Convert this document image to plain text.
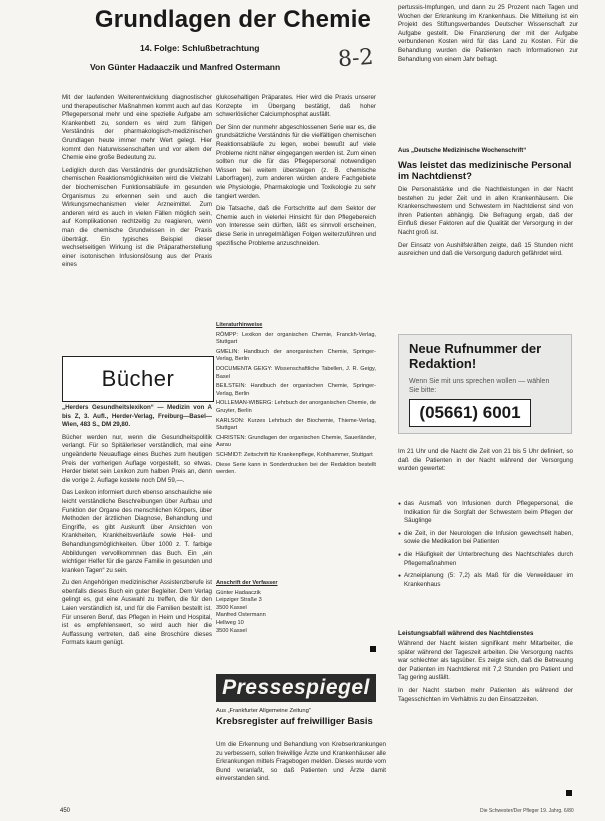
Grundlagen der Chemie
14. Folge: Schlußbetrachtung
Von Günter Hadaaczik und Manfred Ostermann	8-2

Mit der laufenden Weiterentwicklung diagnostischer und therapeutischer Maßnahmen kommt auch auf das Pflegepersonal mehr und eine spezielle Aufgabe am Krankenbett zu, sondern es wird zum fähigen Verständnis der pharmakologisch-medizinischen Grundlagen heute immer mehr Wert gelegt. Hier kommt den Naturwissenschaften und vor allem der Chemie eine große Bedeutung zu.

Lediglich durch das Verständnis der grundsätzlichen chemischen Reaktionsmöglichkeiten wird die Vielzahl der biochemischen Funktionsabläufe im gesunden Organismus zu erkennen sein und auch die Wirkungsmechanismen vieler Arzneimittel. Zum anderen wird es auch in vielen Fällen möglich sein, auf Komplikationen rechtzeitig zu reagieren, wenn man die chemische Grundwissen in der Praxis überträgt. Ein typisches Beispiel dieser wechselseitigen Wirkung ist die Präparatherstellung einer isotonischen Infusionslösung aus der Praxis eines

glukosehaltigen Präparates. Hier wird die Praxis unserer Konzepte im Übergang bestätigt, daß hoher schwerlöslicher Calciumphosphat ausfällt.

Der Sinn der nunmehr abgeschlossenen Serie war es, die grundsätzliche Verständnis für die vielfältigen chemischen Reaktionsabläufe zu legen, wobei bewußt auf viele Probleme nicht näher eingegangen werden ist. Zum einen sollten nur die für das Pflegepersonal notwendigen Wissen bei weitem übersteigen (z. B. chemische Laborfragen), zum anderen würden andere Fachgebiete wie Physiologie, Pharmakologie und Toxikologie zu sehr tangiert werden.

Die Tatsache, daß die Fortschritte auf dem Sektor der Chemie auch in vielerlei Hinsicht für den Pflegebereich von Interesse sein dürften, läßt es sinnvoll erscheinen, diese Serie in unregelmäßigen Folgen weiterzuführen und spezifische Probleme anzuschneiden.

Bücher

„Herders Gesundheitslexikon“ — Medizin von A bis Z, 3. Aufl., Herder-Verlag, Freiburg—Basel—Wien, 483 S., DM 29,80.

Bücher werden nur, wenn die Gesundheitspolitik verlangt. Für so Spitälerleser verständlich, mal eine ungeänderte Neuauflage eines Buches zum heutigen Preis der vorherigen Auflage vorgestellt, so etwas, Herder bietet sein Lexikon zum halben Preis an, denn die vorige 2. Auflage kostete noch DM 59,—.

Das Lexikon informiert durch ebenso anschauliche wie leicht verständliche Beschreibungen über Aufbau und Funktion der Organe des menschlichen Körpers, über Methoden der ärztlichen Diagnose, Behandlung und Eingriffe, es gibt Auskunft über Ansichten von Krankheiten, Krankheitsverläufe sowie Heil- und Behandlungsmöglichkeiten. Über 1000 z. T. farbige Abbildungen vervollkommnen das Buch. Ein „ein wichtiger Helfer für die ganze Familie in gesunden und kranken Tagen“ zu sein.

Zu den Angehörigen medizinischer Assistenzberufe ist ebenfalls dieses Buch ein guter Begleiter. Dem Verlag gelingt es, gut eine Auswahl zu treffen, die für den Laien verständlich ist, und für die Familien bestellt ist. Für unseren Beruf, das Pflegen in Heim und Hospital, ist es empfehlenswert, so wird auch hier die Auffassung vertreten, daß eine Broschüre dieses Formats kaum genügt.

Literaturhinweise

RÖMPP: Lexikon der organischen Chemie, Franckh-Verlag, Stuttgart

GMELIN: Handbuch der anorganischen Chemie, Springer-Verlag, Berlin

DOCUMENTA GEIGY: Wissenschaftliche Tabellen, J. R. Geigy, Basel

BEILSTEIN: Handbuch der organischen Chemie, Springer-Verlag, Berlin

HOLLEMAN-WIBERG: Lehrbuch der anorganischen Chemie, de Gruyter, Berlin

KARLSON: Kurzes Lehrbuch der Biochemie, Thieme-Verlag, Stuttgart

CHRISTEN: Grundlagen der organischen Chemie, Sauerländer, Aarau

SCHMIDT: Zeitschrift für Krankenpflege, Kohlhammer, Stuttgart

Diese Serie kann in Sonderdrucken bei der Redaktion bestellt werden.

Anschrift der Verfasser

Günter Hadaaczik
Leipziger Straße 3
3500 Kassel
Manfred Ostermann
Hellweg 10
3500 Kassel
Pressespiegel
Aus „Frankfurter Allgemeine Zeitung“
Krebsregister auf freiwilliger Basis

Um die Erkennung und Behandlung von Krebserkrankungen zu verbessern, sollen freiwillige Ärzte und Krankenhäuser alle Erkrankungen mittels Fragebogen melden. Dieses wurde vom Bund veranlaßt, so daß Patienten und Ärzte damit einverstanden sind.

pertussis-Impfungen, und dann zu 25 Prozent nach Tagen und Wochen der Erkrankung im Krankenhaus. Die Mitteilung ist ein Projekt des Stiftungsverbandes Deutscher Wissenschaft zur Aufgabe gestellt. Die Finanzierung der mit der Aufgabe verbundenen Kosten wird für das Land zu Kosten. Für die Behandlung wurden die Patienten nach Informationen zur Behandlung von einem Jahr befragt.

Aus „Deutsche Medizinische Wochenschrift“
Was leistet das medizinische Personal im Nachtdienst?

Die Personalstärke und die Nachtleistungen in der Nacht bestehen zu jeder Zeit und in allen Krankenhäusern. Die Krankenschwestern und Schwestern im Nachtdienst sind von ihren Patienten abhängig. Die Befragung ergab, daß der Einfluß dieser Faktoren auf die Qualität der Versorgung in der Nacht groß ist.

Der Einsatz von Aushilfskräften zeigte, daß 15 Stunden nicht ausreichen und daß die Versorgung dadurch gefährdet wird.

Neue Rufnummer der Redaktion!
Wenn Sie mit uns sprechen wollen — wählen Sie bitte:
(05661) 6001

Im 21 Uhr und die Nacht die Zeit von 21 bis 5 Uhr definiert, so daß die Patienten in der Nacht während der Versorgung wurden gewertet:

● das Ausmaß von Infusionen durch Pflegepersonal, die Indikation für die Sorgfalt der Schwestern beim Pflegen der Säuglinge

● die Zeit, in der Neurologen die Infusion gewechselt haben, sowie die Medikation bei Patienten

● die Häufigkeit der Unterbrechung des Nachtschlafes durch Pflegemaßnahmen

● Arzneiplanung (5: 7,2) als Maß für die Verweildauer im Krankenhaus

Leistungsabfall während des Nachtdienstes

Während der Nacht leisten signifikant mehr Mitarbeiter, die später während der Tageszeit arbeiten. Die Versorgung nachts war schlechter als tagsüber. Es zeigte sich, daß die Betreuung der Patienten im Nachtdienst mit 7,2 Stunden pro Patient und Tag gering ausfällt.

In der Nacht starben mehr Patienten als während der Tagesschichten im Verhältnis zu den Einsatzzeiten.

450	Die Schwester/Der Pfleger 19. Jahrg. 6/80
